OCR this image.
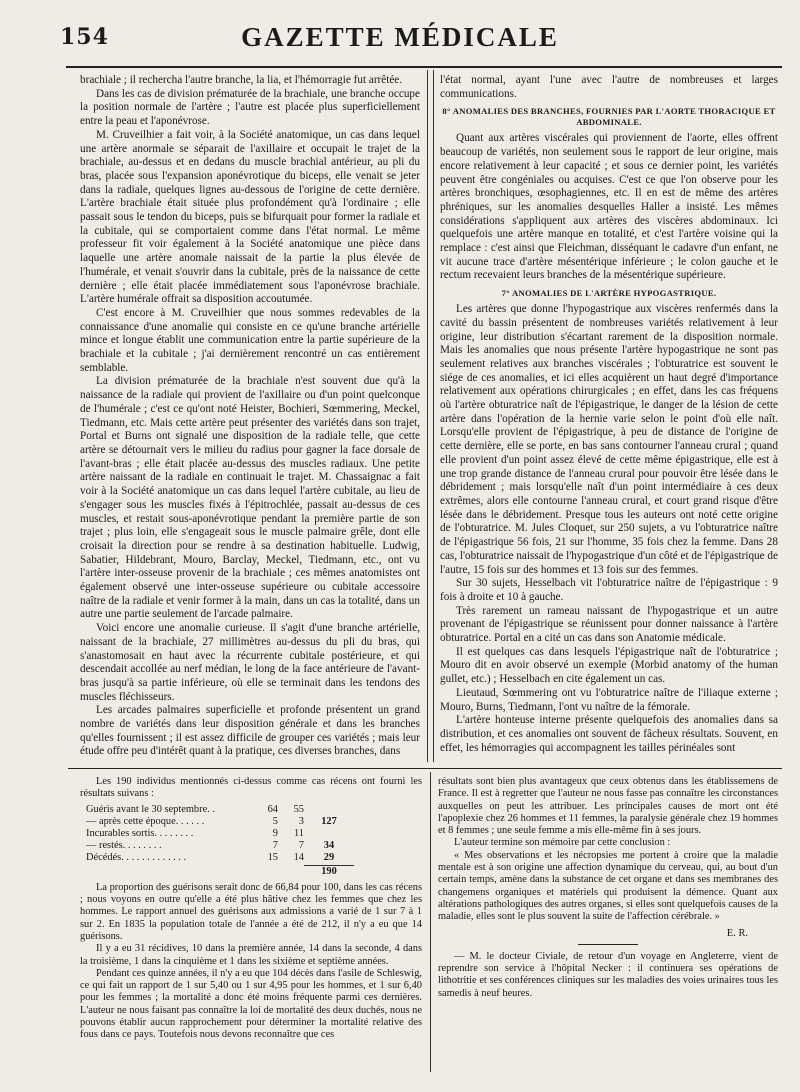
154	GAZETTE MÉDICALE

brachiale ; il rechercha l'autre branche, la lia, et l'hémorragie fut arrêtée.

Dans les cas de division prématurée de la brachiale, une branche occupe la position normale de l'artère ; l'autre est placée plus superficiellement entre la peau et l'aponévrose.

M. Cruveilhier a fait voir, à la Société anatomique, un cas dans lequel une artère anormale se séparait de l'axillaire et occupait le trajet de la brachiale, au-dessus et en dedans du muscle brachial antérieur, au pli du bras, placée sous l'expansion aponévrotique du biceps, elle venait se jeter dans la radiale, quelques lignes au-dessous de l'origine de cette dernière. L'artère brachiale était située plus profondément qu'à l'ordinaire ; elle passait sous le tendon du biceps, puis se bifurquait pour former la radiale et la cubitale, qui se comportaient comme dans l'état normal. Le même professeur fit voir également à la Société anatomique une pièce dans laquelle une artère anomale naissait de la partie la plus élevée de l'humérale, et venait s'ouvrir dans la cubitale, près de la naissance de cette dernière ; elle était placée immédiatement sous l'aponévrose brachiale. L'artère humérale offrait sa disposition accoutumée.

C'est encore à M. Cruveilhier que nous sommes redevables de la connaissance d'une anomalie qui consiste en ce qu'une branche artérielle mince et longue établit une communication entre la partie supérieure de la brachiale et la cubitale ; j'ai dernièrement rencontré un cas entièrement semblable.

La division prématurée de la brachiale n'est souvent due qu'à la naissance de la radiale qui provient de l'axillaire ou d'un point quelconque de l'humérale ; c'est ce qu'ont noté Heister, Bochieri, Sœmmering, Meckel, Tiedmann, etc. Mais cette artère peut présenter des variétés dans son trajet, Portal et Burns ont signalé une disposition de la radiale telle, que cette artère se détournait vers le milieu du radius pour gagner la face dorsale de l'avant-bras ; elle était placée au-dessus des muscles radiaux. Une petite artère naissant de la radiale en continuait le trajet. M. Chassaignac a fait voir à la Société anatomique un cas dans lequel l'artère cubitale, au lieu de s'engager sous les muscles fixés à l'épitrochlée, passait au-dessus de ces muscles, et restait sous-aponévrotique pendant la première partie de son trajet ; plus loin, elle s'engageait sous le muscle palmaire grêle, dont elle croisait la direction pour se rendre à sa destination habituelle. Ludwig, Sabatier, Hildebrant, Mouro, Barclay, Meckel, Tiedmann, etc., ont vu l'artère inter-osseuse provenir de la brachiale ; ces mêmes anatomistes ont également observé une inter-osseuse supérieure ou cubitale accessoire naître de la radiale et venir former à la main, dans un cas la totalité, dans un autre une partie seulement de l'arcade palmaire.

Voici encore une anomalie curieuse. Il s'agit d'une branche artérielle, naissant de la brachiale, 27 millimètres au-dessus du pli du bras, qui s'anastomosait en haut avec la récurrente cubitale postérieure, et qui descendait accollée au nerf médian, le long de la face antérieure de l'avant-bras jusqu'à sa partie inférieure, où elle se terminait dans les tendons des muscles fléchisseurs.

Les arcades palmaires superficielle et profonde présentent un grand nombre de variétés dans leur disposition générale et dans les branches qu'elles fournissent ; il est assez difficile de grouper ces variétés ; mais leur étude offre peu d'intérêt quant à la pratique, ces diverses branches, dans

l'état normal, ayant l'une avec l'autre de nombreuses et larges communications.

8° ANOMALIES DES BRANCHES, FOURNIES PAR L'AORTE THORACIQUE ET ABDOMINALE.

Quant aux artères viscérales qui proviennent de l'aorte, elles offrent beaucoup de variétés, non seulement sous le rapport de leur origine, mais encore relativement à leur capacité ; et sous ce dernier point, les variétés peuvent être congéniales ou acquises. C'est ce que l'on observe pour les artères bronchiques, œsophagiennes, etc. Il en est de même des artères phréniques, sur les anomalies desquelles Haller a insisté. Les mêmes considérations s'appliquent aux artères des viscères abdominaux. Ici quelquefois une artère manque en totalité, et c'est l'artère voisine qui la remplace : c'est ainsi que Fleichman, disséquant le cadavre d'un enfant, ne vit aucune trace d'artère mésentérique inférieure ; le colon gauche et le rectum recevaient leurs branches de la mésentérique supérieure.

7° ANOMALIES DE L'ARTÈRE HYPOGASTRIQUE.

Les artères que donne l'hypogastrique aux viscères renfermés dans la cavité du bassin présentent de nombreuses variétés relativement à leur origine, leur distribution s'écartant rarement de la disposition normale. Mais les anomalies que nous présente l'artère hypogastrique ne sont pas seulement relatives aux branches viscérales ; l'obturatrice est souvent le siége de ces anomalies, et ici elles acquièrent un haut degré d'importance relativement aux opérations chirurgicales ; en effet, dans les cas fréquens où l'artère obturatrice naît de l'épigastrique, le danger de la lésion de cette artère dans l'opération de la hernie varie selon le point d'où elle naît. Lorsqu'elle provient de l'épigastrique, à peu de distance de l'origine de cette dernière, elle se porte, en bas sans contourner l'anneau crural ; quand elle provient d'un point assez élevé de cette même épigastrique, elle est à une trop grande distance de l'anneau crural pour pouvoir être lésée dans le débridement ; mais lorsqu'elle naît d'un point intermédiaire à ces deux extrêmes, alors elle contourne l'anneau crural, et court grand risque d'être lésée dans le débridement. Presque tous les auteurs ont noté cette origine de l'obturatrice. M. Jules Cloquet, sur 250 sujets, a vu l'obturatrice naître de l'épigastrique 56 fois, 21 sur l'homme, 35 fois chez la femme. Dans 28 cas, l'obturatrice naissait de l'hypogastrique d'un côté et de l'épigastrique de l'autre, 15 fois sur des hommes et 13 fois sur des femmes.

Sur 30 sujets, Hesselbach vit l'obturatrice naître de l'épigastrique : 9 fois à droite et 10 à gauche.

Très rarement un rameau naissant de l'hypogastrique et un autre provenant de l'épigastrique se réunissent pour donner naissance à l'artère obturatrice. Portal en a cité un cas dans son Anatomie médicale.

Il est quelques cas dans lesquels l'épigastrique naît de l'obturatrice ; Mouro dit en avoir observé un exemple (Morbid anatomy of the human gullet, etc.) ; Hesselbach en cite également un cas.

Lieutaud, Sœmmering ont vu l'obturatrice naître de l'iliaque externe ; Mouro, Burns, Tiedmann, l'ont vu naître de la fémorale.

L'artère honteuse interne présente quelquefois des anomalies dans sa distribution, et ces anomalies ont souvent de fâcheux résultats. Souvent, en effet, les hémorragies qui accompagnent les tailles périnéales sont

Les 190 individus mentionnés ci-dessus comme cas récens ont fourni les résultats suivans :

Guéris avant le 30 septembre. .	64	55
— après cette époque. . . . . .	5	3	127
Incurables sortis. . . . . . . .	9	11
— restés. . . . . . . .	7	7	34
Décédés. . . . . . . . . . . . .	15	14	29
190

La proportion des guérisons serait donc de 66,84 pour 100, dans les cas récens ; nous voyons en outre qu'elle a été plus hâtive chez les femmes que chez les hommes. Le rapport annuel des guérisons aux admissions a varié de 1 sur 7 à 1 sur 2. En 1835 la population totale de l'année a été de 212, il n'y a eu que 14 guérisons.

Il y a eu 31 récidives, 10 dans la première année, 14 dans la seconde, 4 dans la troisième, 1 dans la cinquième et 1 dans les sixième et septième années.

Pendant ces quinze années, il n'y a eu que 104 décès dans l'asile de Schleswig, ce qui fait un rapport de 1 sur 5,40 ou 1 sur 4,95 pour les hommes, et 1 sur 6,40 pour les femmes ; la mortalité a donc été moins fréquente parmi ces dernières. L'auteur ne nous faisant pas connaître la loi de mortalité des deux duchés, nous ne pouvons établir aucun rapprochement pour déterminer la mortalité relative des fous dans ce pays. Toutefois nous devons reconnaître que ces

résultats sont bien plus avantageux que ceux obtenus dans les établissemens de France. Il est à regretter que l'auteur ne nous fasse pas connaître les circonstances auxquelles on peut les attribuer. Les principales causes de mort ont été l'apoplexie chez 26 hommes et 11 femmes, la paralysie générale chez 19 hommes et 8 femmes ; une seule femme a mis elle-même fin à ses jours.

L'auteur termine son mémoire par cette conclusion :

« Mes observations et les nécropsies me portent à croire que la maladie mentale est à son origine une affection dynamique du cerveau, qui, au bout d'un certain temps, amène dans la substance de cet organe et dans ses membranes des changemens organiques et matériels qui produisent la démence. Quant aux altérations pathologiques des autres organes, si elles sont quelquefois causes de la maladie, elles sont le plus souvent la suite de l'affection cérébrale. »

E. R.

— M. le docteur Civiale, de retour d'un voyage en Angleterre, vient de reprendre son service à l'hôpital Necker : il continuera ses opérations de lithotritie et ses conférences cliniques sur les maladies des voies urinaires tous les samedis à neuf heures.
